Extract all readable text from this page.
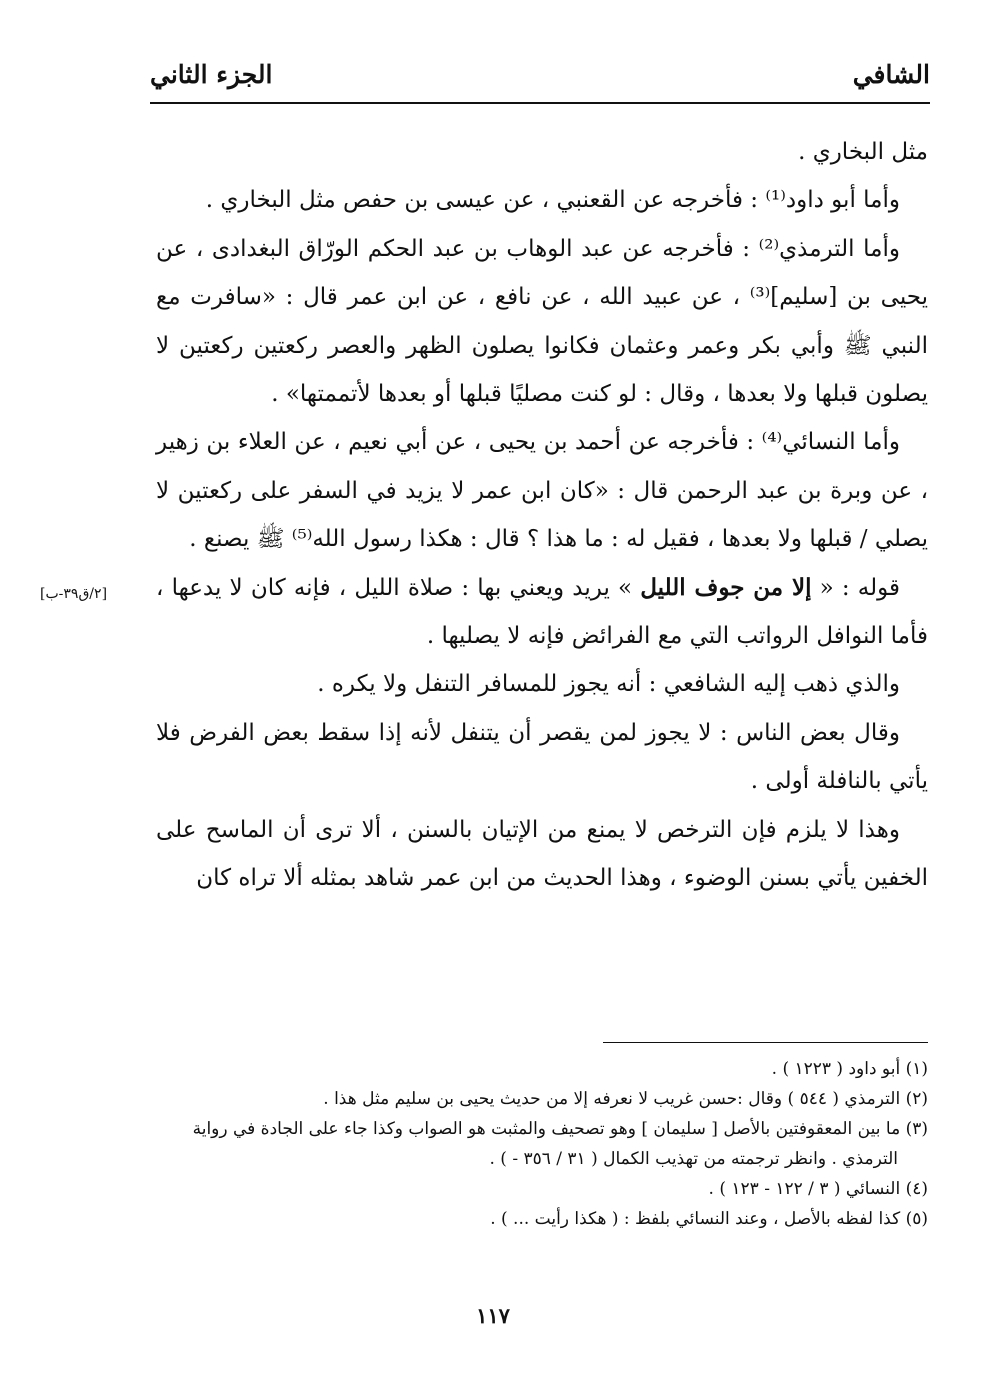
الشافي
الجزء الثاني
[٢/ق٣٩-ب]

مثل البخاري .

وأما أبو داود⁽¹⁾ : فأخرجه عن القعنبي ، عن عيسى بن حفص مثل البخاري .

وأما الترمذي⁽²⁾ : فأخرجه عن عبد الوهاب بن عبد الحكم الورّاق البغدادى ، عن يحيى بن [سليم]⁽³⁾ ، عن عبيد الله ، عن نافع ، عن ابن عمر قال : «سافرت مع النبي ﷺ وأبي بكر وعمر وعثمان فكانوا يصلون الظهر والعصر ركعتين ركعتين لا يصلون قبلها ولا بعدها ، وقال : لو كنت مصليًا قبلها أو بعدها لأتممتها» .

وأما النسائي⁽⁴⁾ : فأخرجه عن أحمد بن يحيى ، عن أبي نعيم ، عن العلاء بن زهير ، عن وبرة بن عبد الرحمن قال : «كان ابن عمر لا يزيد في السفر على ركعتين لا يصلي / قبلها ولا بعدها ، فقيل له : ما هذا ؟ قال : هكذا رسول الله⁽⁵⁾ ﷺ يصنع .

قوله : « إلا من جوف الليل » يريد ويعني بها : صلاة الليل ، فإنه كان لا يدعها ، فأما النوافل الرواتب التي مع الفرائض فإنه لا يصليها .

والذي ذهب إليه الشافعي : أنه يجوز للمسافر التنفل ولا يكره .

وقال بعض الناس : لا يجوز لمن يقصر أن يتنفل لأنه إذا سقط بعض الفرض فلا يأتي بالنافلة أولى .

وهذا لا يلزم فإن الترخص لا يمنع من الإتيان بالسنن ، ألا ترى أن الماسح على الخفين يأتي بسنن الوضوء ، وهذا الحديث من ابن عمر شاهد بمثله ألا تراه كان

(١) أبو داود ( ١٢٢٣ ) .

(٢) الترمذي ( ٥٤٤ ) وقال :حسن غريب لا نعرفه إلا من حديث يحيى بن سليم مثل هذا .

(٣) ما بين المعقوفتين بالأصل [ سليمان ] وهو تصحيف والمثبت هو الصواب وكذا جاء على الجادة في رواية الترمذي . وانظر ترجمته من تهذيب الكمال ( ٣١ / ٣٥٦ - ) .

(٤) النسائي ( ٣ / ١٢٢ - ١٢٣ ) .

(٥) كذا لفظه بالأصل ، وعند النسائي بلفظ : ( هكذا رأيت ... ) .

١١٧
